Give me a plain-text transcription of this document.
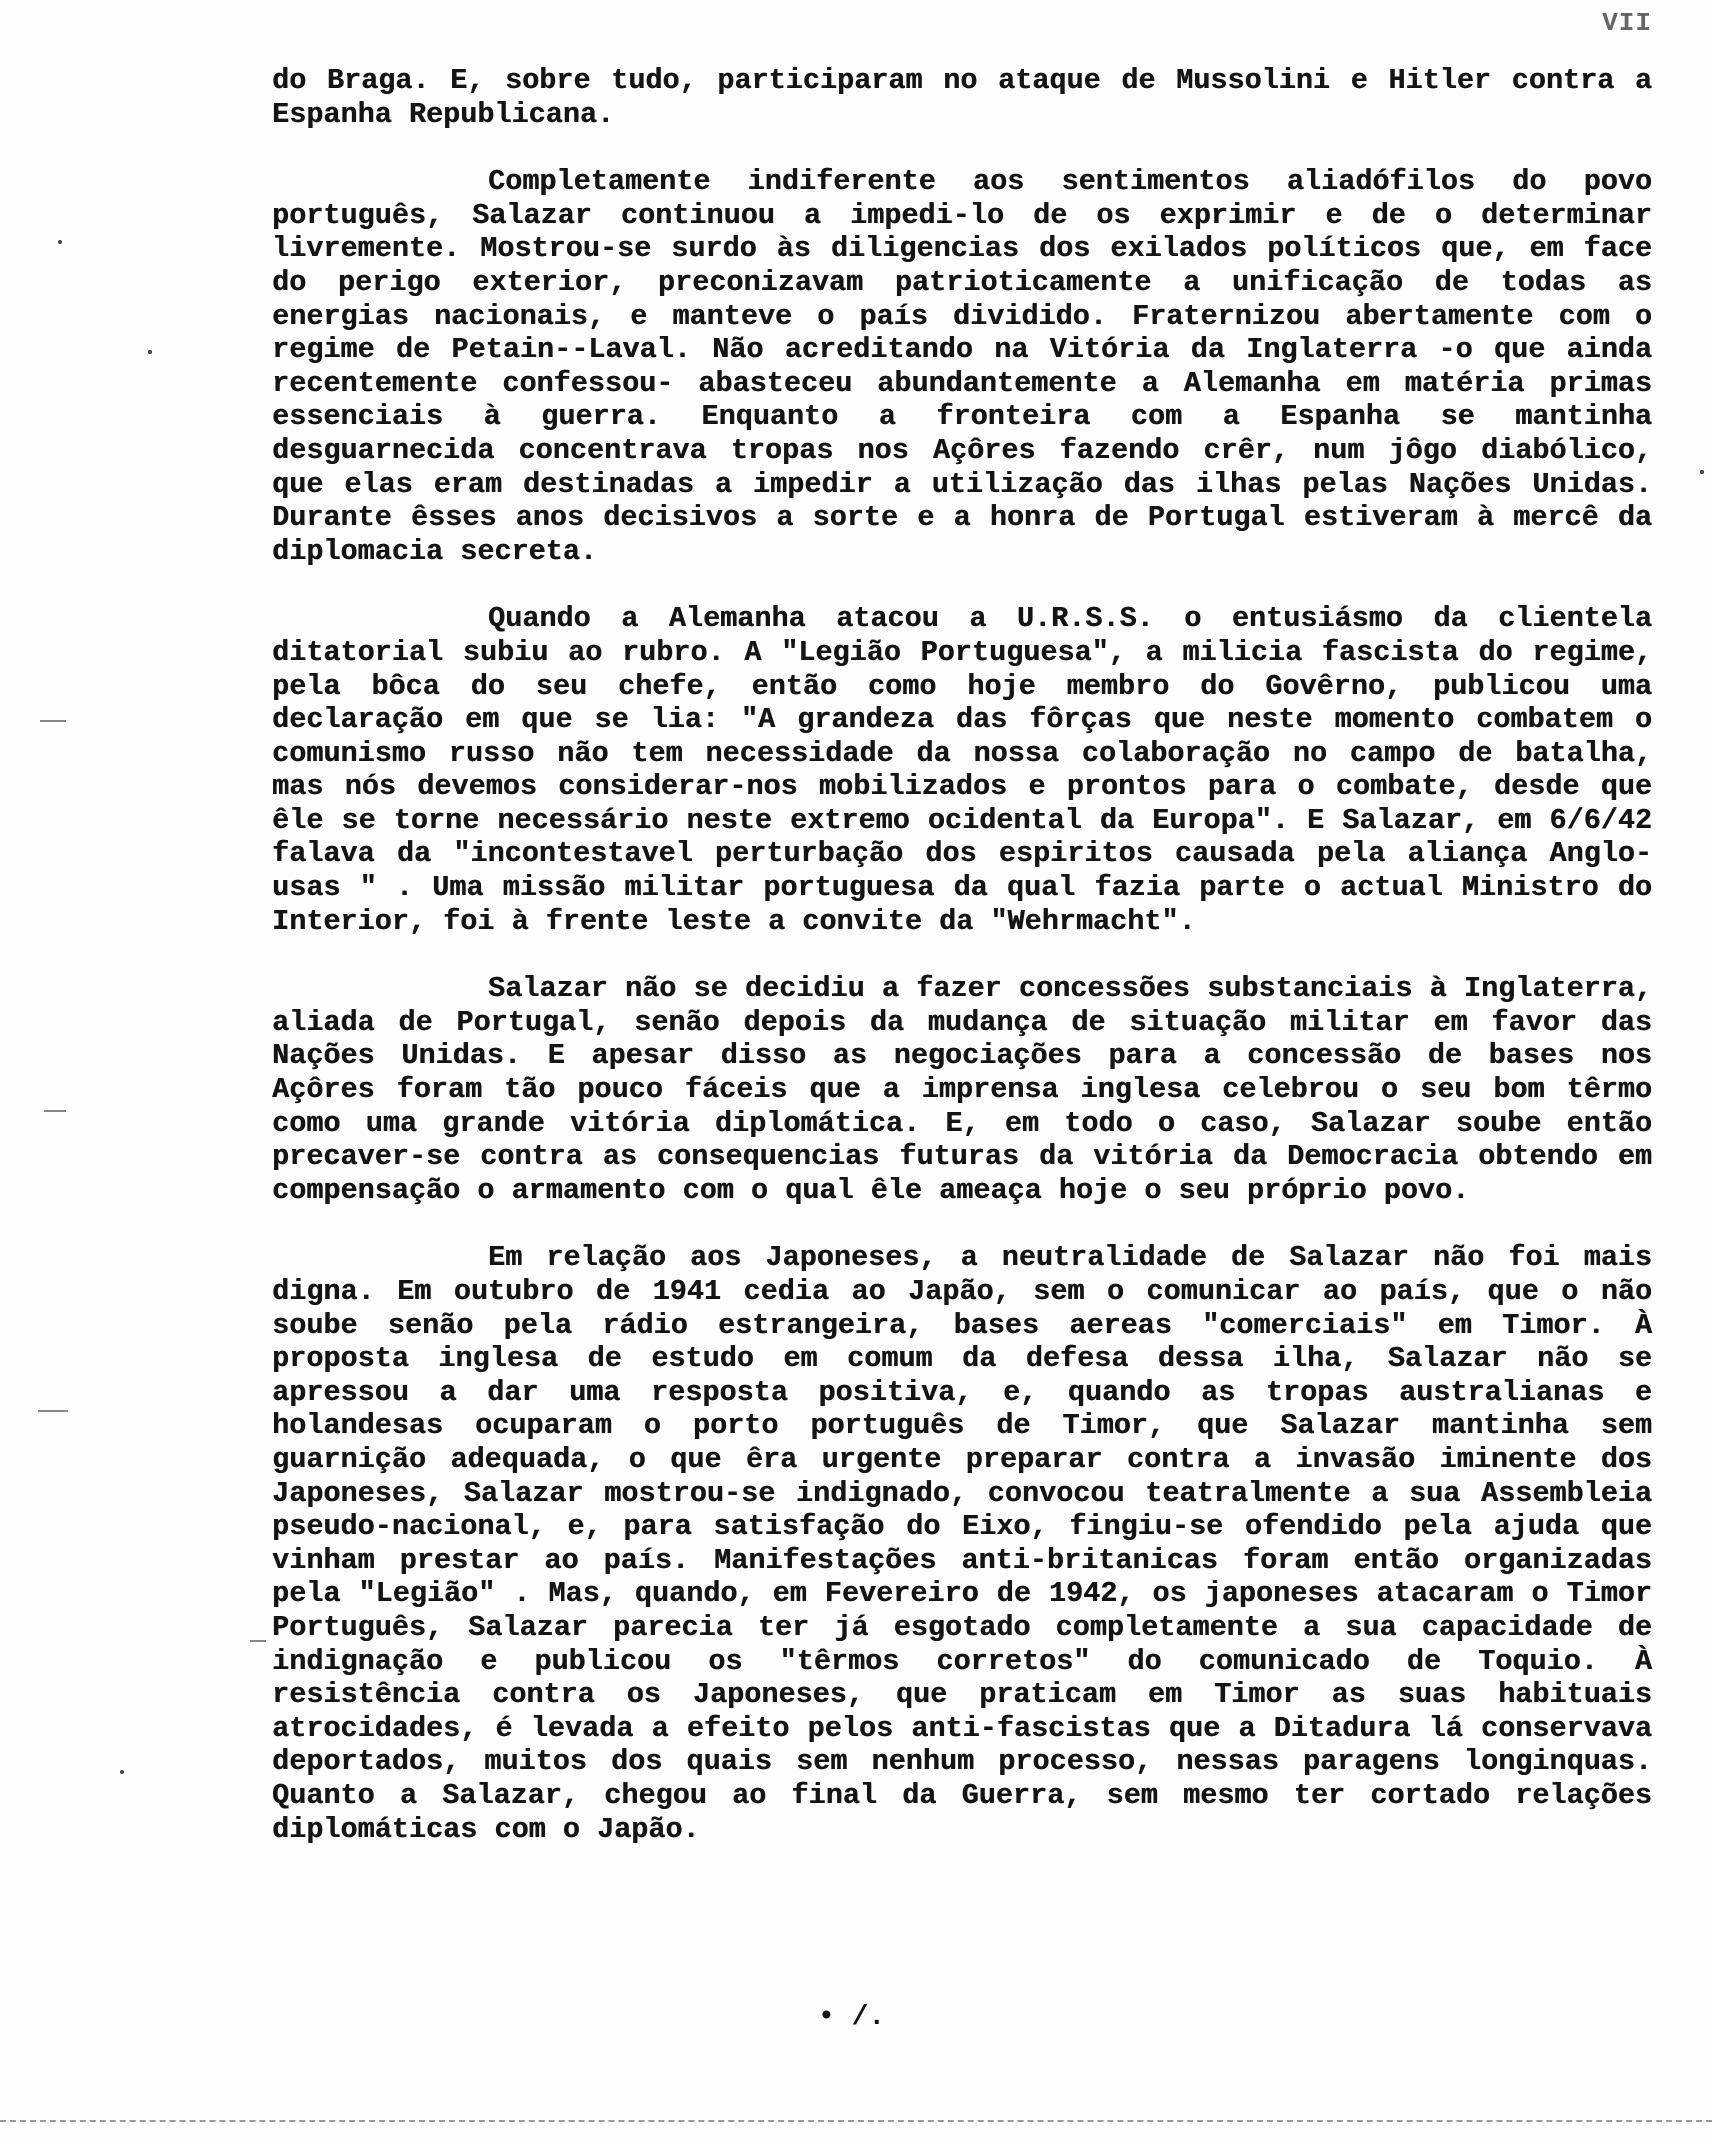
VII

do Braga. E, sobre tudo, participaram no ataque de Mussolini e Hitler contra a Espanha Republicana.

Completamente indiferente aos sentimentos aliadófilos do povo português, Salazar continuou a impedi-lo de os exprimir e de o determinar livremente. Mostrou-se surdo às diligencias dos exilados políticos que, em face do perigo exterior, preconizavam patrioticamente a unificação de todas as energias nacionais, e manteve o país dividido. Fraternizou abertamente com o regime de Petain--Laval. Não acreditando na Vitória da Inglaterra -o que ainda recentemente confessou- abasteceu abundantemente a Alemanha em matéria primas essenciais à guerra. Enquanto a fronteira com a Espanha se mantinha desguarnecida concentrava tropas nos Açôres fazendo crêr, num jôgo diabólico, que elas eram destinadas a impedir a utilização das ilhas pelas Nações Unidas. Durante êsses anos decisivos a sorte e a honra de Portugal estiveram à mercê da diplomacia secreta.

Quando a Alemanha atacou a U.R.S.S. o entusiásmo da clientela ditatorial subiu ao rubro. A "Legião Portuguesa", a milicia fascista do regime, pela bôca do seu chefe, então como hoje membro do Govêrno, publicou uma declaração em que se lia: "A grandeza das fôrças que neste momento combatem o comunismo russo não tem necessidade da nossa colaboração no campo de batalha, mas nós devemos considerar-nos mobilizados e prontos para o combate, desde que êle se torne necessário neste extremo ocidental da Europa". E Salazar, em 6/6/42 falava da "incontestavel perturbação dos espiritos causada pela aliança Anglo- usas " . Uma missão militar portuguesa da qual fazia parte o actual Ministro do Interior, foi à frente leste a convite da "Wehrmacht".

Salazar não se decidiu a fazer concessões substanciais à Inglaterra, aliada de Portugal, senão depois da mudança de situação militar em favor das Nações Unidas. E apesar disso as negociações para a concessão de bases nos Açôres foram tão pouco fáceis que a imprensa inglesa celebrou o seu bom têrmo como uma grande vitória diplomática. E, em todo o caso, Salazar soube então precaver-se contra as consequencias futuras da vitória da Democracia obtendo em compensação o armamento com o qual êle ameaça hoje o seu próprio povo.

Em relação aos Japoneses, a neutralidade de Salazar não foi mais digna. Em outubro de 1941 cedia ao Japão, sem o comunicar ao país, que o não soube senão pela rádio estrangeira, bases aereas "comerciais" em Timor. À proposta inglesa de estudo em comum da defesa dessa ilha, Salazar não se apressou a dar uma resposta positiva, e, quando as tropas australianas e holandesas ocuparam o porto português de Timor, que Salazar mantinha sem guarnição adequada, o que êra urgente preparar contra a invasão iminente dos Japoneses, Salazar mostrou-se indignado, convocou teatralmente a sua Assembleia pseudo-nacional, e, para satisfação do Eixo, fingiu-se ofendido pela ajuda que vinham prestar ao país. Manifestações anti-britanicas foram então organizadas pela "Legião" . Mas, quando, em Fevereiro de 1942, os japoneses atacaram o Timor Português, Salazar parecia ter já esgotado completamente a sua capacidade de indignação e publicou os "têrmos corretos" do comunicado de Toquio. À resistência contra os Japoneses, que praticam em Timor as suas habituais atrocidades, é levada a efeito pelos anti-fascistas que a Ditadura lá conservava deportados, muitos dos quais sem nenhum processo, nessas paragens longinquas. Quanto a Salazar, chegou ao final da Guerra, sem mesmo ter cortado relações diplomáticas com o Japão.

• /.
